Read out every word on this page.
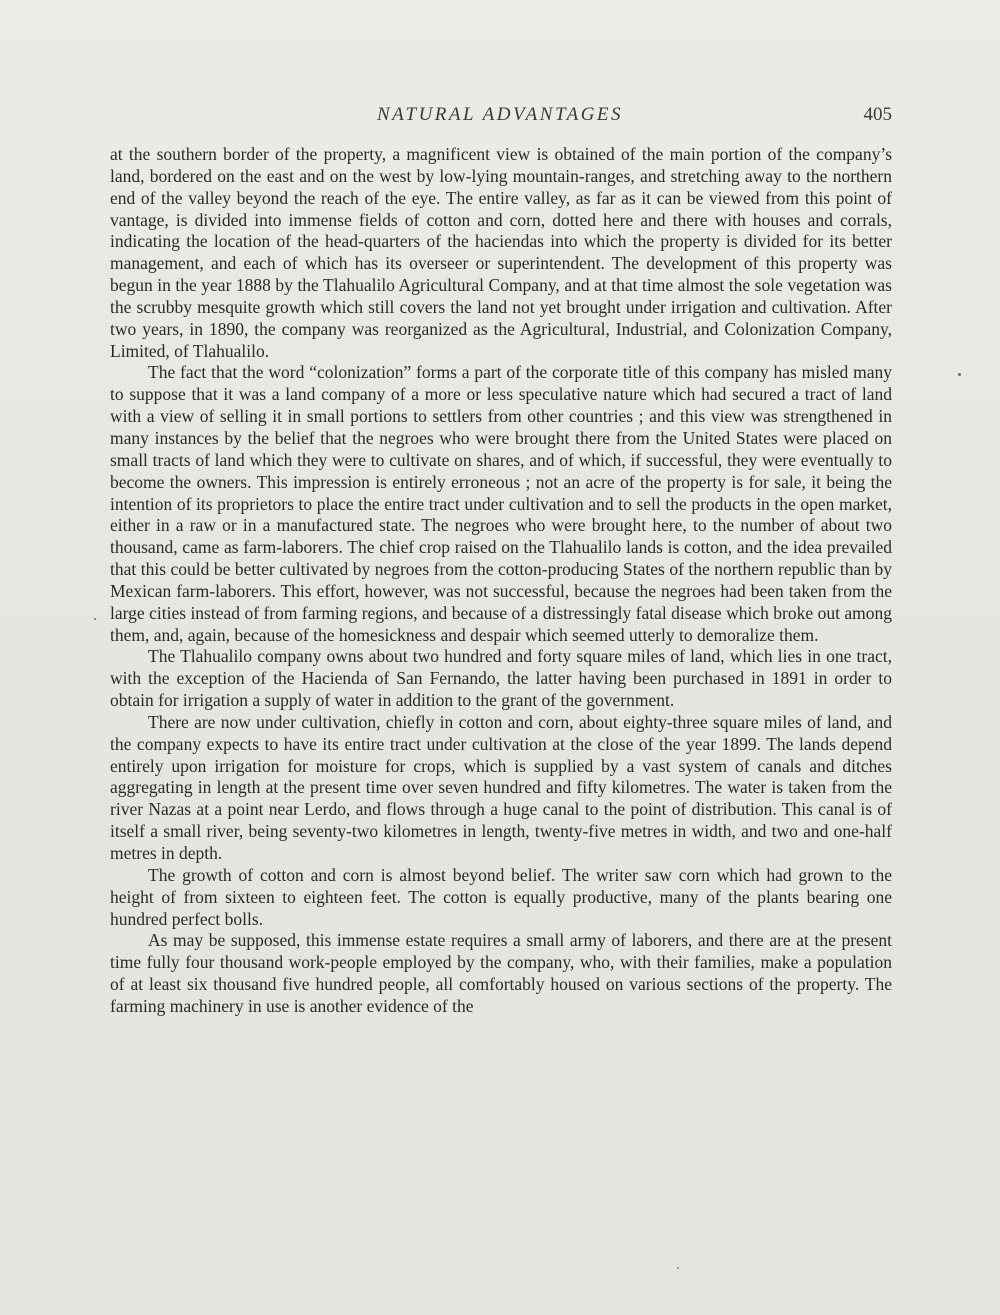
NATURAL ADVANTAGES	405

at the southern border of the property, a magnificent view is obtained of the main portion of the company’s land, bordered on the east and on the west by low-lying mountain-ranges, and stretching away to the northern end of the valley beyond the reach of the eye. The entire valley, as far as it can be viewed from this point of vantage, is divided into immense fields of cotton and corn, dotted here and there with houses and corrals, indicating the location of the head-quarters of the haciendas into which the property is divided for its better management, and each of which has its overseer or superintendent. The development of this property was begun in the year 1888 by the Tlahualilo Agricultural Company, and at that time almost the sole vegetation was the scrubby mesquite growth which still covers the land not yet brought under irrigation and cultivation. After two years, in 1890, the company was reorganized as the Agricultural, Industrial, and Colonization Company, Limited, of Tlahualilo.

The fact that the word “colonization” forms a part of the corporate title of this company has misled many to suppose that it was a land company of a more or less speculative nature which had secured a tract of land with a view of selling it in small portions to settlers from other countries ; and this view was strengthened in many instances by the belief that the negroes who were brought there from the United States were placed on small tracts of land which they were to cultivate on shares, and of which, if successful, they were eventually to become the owners. This impression is entirely erroneous ; not an acre of the property is for sale, it being the intention of its proprietors to place the entire tract under cultivation and to sell the products in the open market, either in a raw or in a manufactured state. The negroes who were brought here, to the number of about two thousand, came as farm-laborers. The chief crop raised on the Tlahualilo lands is cotton, and the idea prevailed that this could be better cultivated by negroes from the cotton-producing States of the northern republic than by Mexican farm-laborers. This effort, however, was not successful, because the negroes had been taken from the large cities instead of from farming regions, and because of a distressingly fatal disease which broke out among them, and, again, because of the homesickness and despair which seemed utterly to demoralize them.

The Tlahualilo company owns about two hundred and forty square miles of land, which lies in one tract, with the exception of the Hacienda of San Fernando, the latter having been purchased in 1891 in order to obtain for irrigation a supply of water in addition to the grant of the government.

There are now under cultivation, chiefly in cotton and corn, about eighty-three square miles of land, and the company expects to have its entire tract under cultivation at the close of the year 1899. The lands depend entirely upon irrigation for moisture for crops, which is supplied by a vast system of canals and ditches aggregating in length at the present time over seven hundred and fifty kilometres. The water is taken from the river Nazas at a point near Lerdo, and flows through a huge canal to the point of distribution. This canal is of itself a small river, being seventy-two kilometres in length, twenty-five metres in width, and two and one-half metres in depth.

The growth of cotton and corn is almost beyond belief. The writer saw corn which had grown to the height of from sixteen to eighteen feet. The cotton is equally productive, many of the plants bearing one hundred perfect bolls.

As may be supposed, this immense estate requires a small army of laborers, and there are at the present time fully four thousand work-people employed by the company, who, with their families, make a population of at least six thousand five hundred people, all comfortably housed on various sections of the property. The farming machinery in use is another evidence of the
